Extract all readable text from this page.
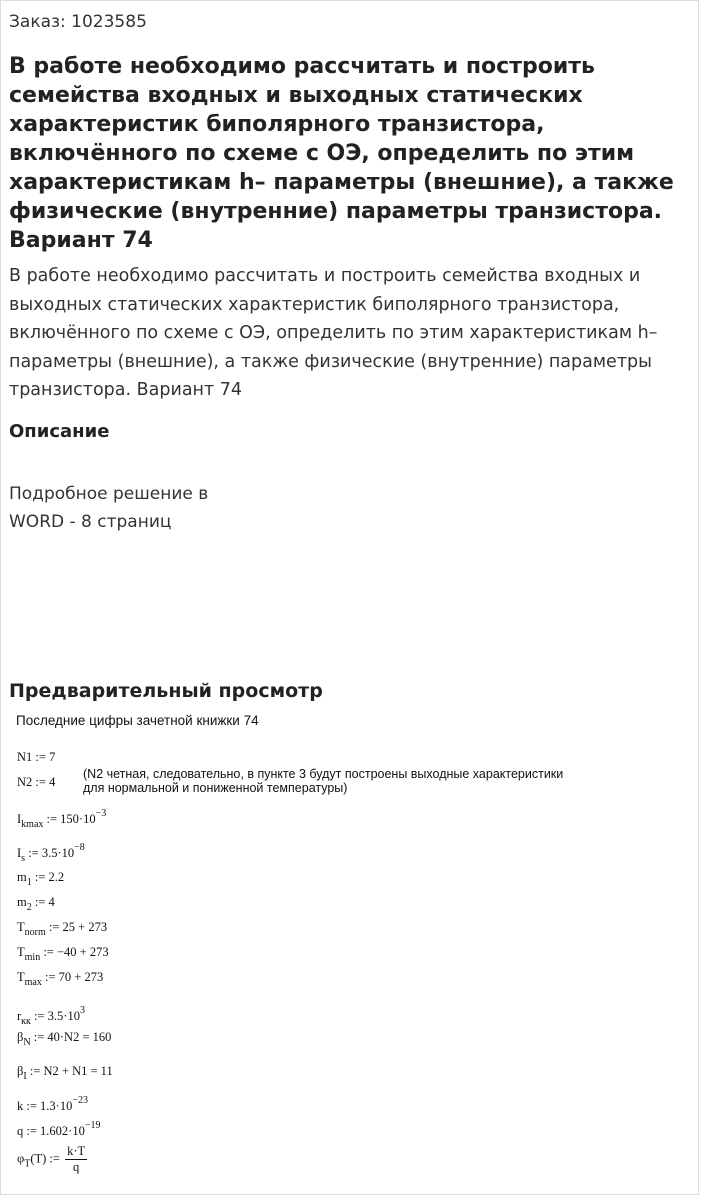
Заказ: 1023585
В работе необходимо рассчитать и построить семейства входных и выходных статических характеристик биполярного транзистора, включённого по схеме с ОЭ, определить по этим характеристикам h– параметры (внешние), а также физические (внутренние) параметры транзистора. Вариант 74
В работе необходимо рассчитать и построить семейства входных и выходных статических характеристик биполярного транзистора, включённого по схеме с ОЭ, определить по этим характеристикам h–параметры (внешние), а также физические (внутренние) параметры транзистора. Вариант 74
Описание
Подробное решение в
WORD - 8 страниц
Предварительный просмотр
Последние цифры зачетной книжки 74
N1 := 7
N2 := 4
(N2 четная, следовательно, в пункте 3 будут построены выходные характеристики
для нормальной и пониженной температуры)
$I_{kmax}$ := $150\cdot 10^{-3}$
$I_s$ := $3.5\cdot 10^{-8}$
$m_1$ := 2.2
$m_2$ := 4
$T_{norm}$ := 25 + 273
$T_{min}$ := −40 + 273
$T_{max}$ := 70 + 273
$r_{кк}$ := $3.5\cdot 10^3$
$\beta_N$ := 40·N2 = 160
$\beta_I$ := N2 + N1 = 11
k := $1.3\cdot 10^{-23}$
q := $1.602\cdot 10^{-19}$
$\varphi_T(T)$ := $\frac{k\cdot T}{q}$
